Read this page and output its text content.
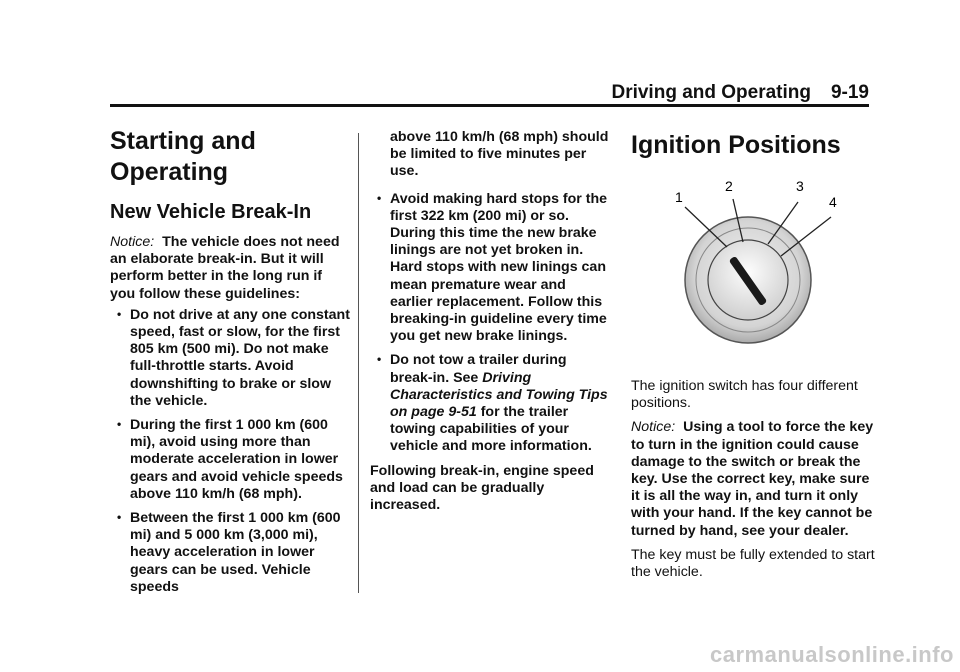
Driving and Operating 9-19
Starting and
Operating
New Vehicle Break-In

Notice: The vehicle does not need an elaborate break-in. But it will perform better in the long run if you follow these guidelines:

• Do not drive at any one constant speed, fast or slow, for the first 805 km (500 mi). Do not make full-throttle starts. Avoid downshifting to brake or slow the vehicle.
• During the first 1 000 km (600 mi), avoid using more than moderate acceleration in lower gears and avoid vehicle speeds above 110 km/h (68 mph).
• Between the first 1 000 km (600 mi) and 5 000 km (3,000 mi), heavy acceleration in lower gears can be used. Vehicle speeds

above 110 km/h (68 mph) should be limited to five minutes per use.

• Avoid making hard stops for the first 322 km (200 mi) or so. During this time the new brake linings are not yet broken in. Hard stops with new linings can mean premature wear and earlier replacement. Follow this breaking-in guideline every time you get new brake linings.
• Do not tow a trailer during break-in. See Driving Characteristics and Towing Tips on page 9-51 for the trailer towing capabilities of your vehicle and more information.

Following break-in, engine speed and load can be gradually increased.

Ignition Positions
1
2	3
4

The ignition switch has four different positions.

Notice: Using a tool to force the key to turn in the ignition could cause damage to the switch or break the key. Use the correct key, make sure it is all the way in, and turn it only with your hand. If the key cannot be turned by hand, see your dealer.

The key must be fully extended to start the vehicle.

carmanualsonline.info
